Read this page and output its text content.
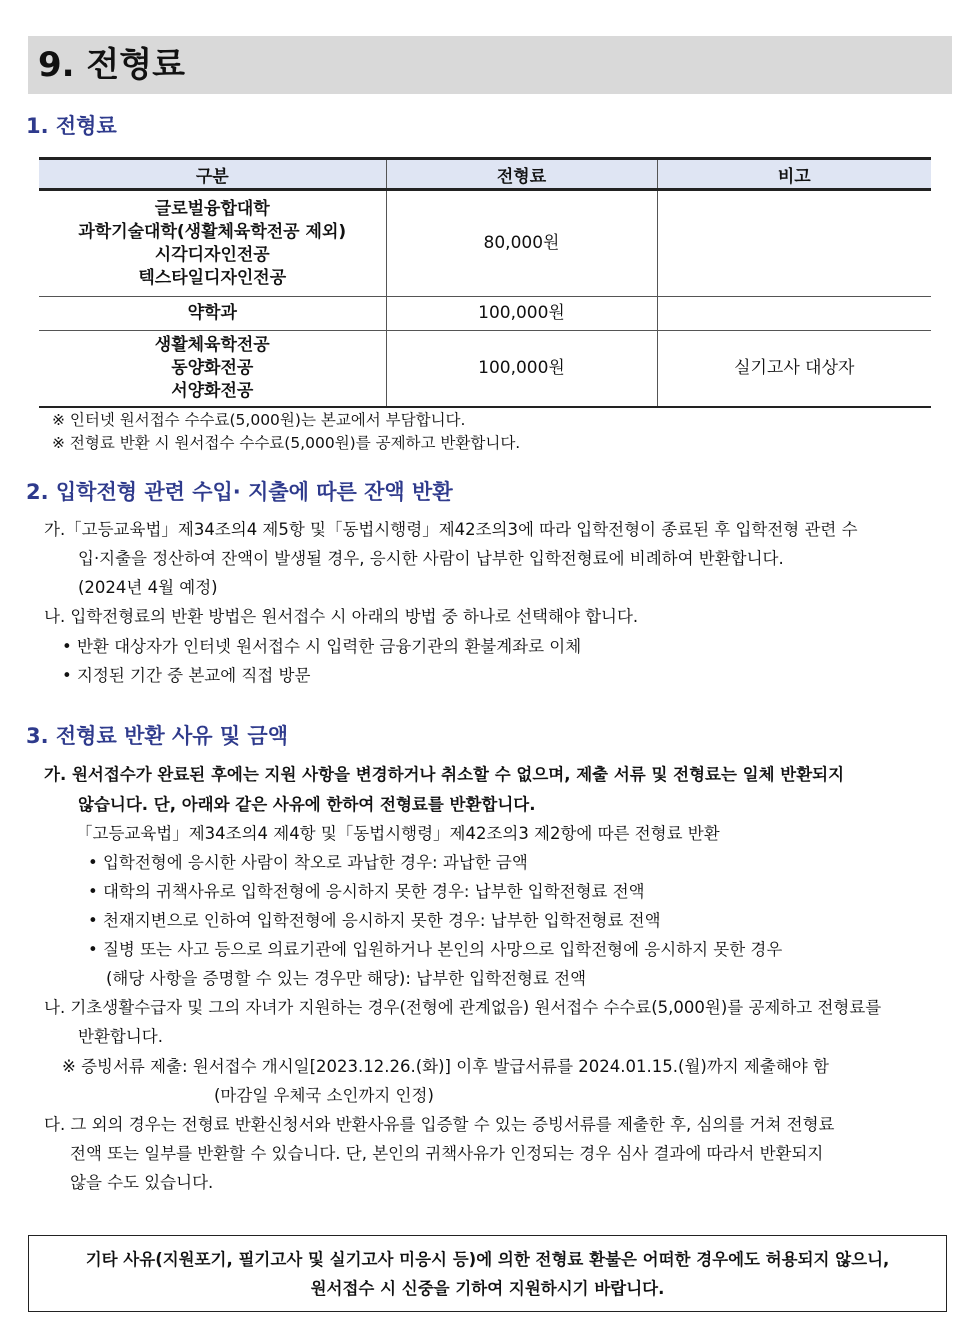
9. 전형료
1. 전형료
구분	전형료	비고

글로벌융합대학
과학기술대학(생활체육학전공 제외)
시각디자인전공
텍스타일디자인전공	80,000원	

약학과	100,000원	

생활체육학전공
동양화전공
서양화전공	100,000원	실기고사 대상자
※ 인터넷 원서접수 수수료(5,000원)는 본교에서 부담합니다.
※ 전형료 반환 시 원서접수 수수료(5,000원)를 공제하고 반환합니다.
2. 입학전형 관련 수입· 지출에 따른 잔액 반환
가.「고등교육법」제34조의4 제5항 및「동법시행령」제42조의3에 따라 입학전형이 종료된 후 입학전형 관련 수
입·지출을 정산하여 잔액이 발생될 경우, 응시한 사람이 납부한 입학전형료에 비례하여 반환합니다.
(2024년 4월 예정)
나. 입학전형료의 반환 방법은 원서접수 시 아래의 방법 중 하나로 선택해야 합니다.
• 반환 대상자가 인터넷 원서접수 시 입력한 금융기관의 환불계좌로 이체
• 지정된 기간 중 본교에 직접 방문
3. 전형료 반환 사유 및 금액
가. 원서접수가 완료된 후에는 지원 사항을 변경하거나 취소할 수 없으며, 제출 서류 및 전형료는 일체 반환되지
않습니다. 단, 아래와 같은 사유에 한하여 전형료를 반환합니다.
「고등교육법」제34조의4 제4항 및「동법시행령」제42조의3 제2항에 따른 전형료 반환
• 입학전형에 응시한 사람이 착오로 과납한 경우: 과납한 금액
• 대학의 귀책사유로 입학전형에 응시하지 못한 경우: 납부한 입학전형료 전액
• 천재지변으로 인하여 입학전형에 응시하지 못한 경우: 납부한 입학전형료 전액
• 질병 또는 사고 등으로 의료기관에 입원하거나 본인의 사망으로 입학전형에 응시하지 못한 경우
(해당 사항을 증명할 수 있는 경우만 해당): 납부한 입학전형료 전액
나. 기초생활수급자 및 그의 자녀가 지원하는 경우(전형에 관계없음) 원서접수 수수료(5,000원)를 공제하고 전형료를
반환합니다.
※ 증빙서류 제출: 원서접수 개시일[2023.12.26.(화)] 이후 발급서류를 2024.01.15.(월)까지 제출해야 함
(마감일 우체국 소인까지 인정)
다. 그 외의 경우는 전형료 반환신청서와 반환사유를 입증할 수 있는 증빙서류를 제출한 후, 심의를 거쳐 전형료
전액 또는 일부를 반환할 수 있습니다. 단, 본인의 귀책사유가 인정되는 경우 심사 결과에 따라서 반환되지
않을 수도 있습니다.
기타 사유(지원포기, 필기고사 및 실기고사 미응시 등)에 의한 전형료 환불은 어떠한 경우에도 허용되지 않으니,
원서접수 시 신중을 기하여 지원하시기 바랍니다.
